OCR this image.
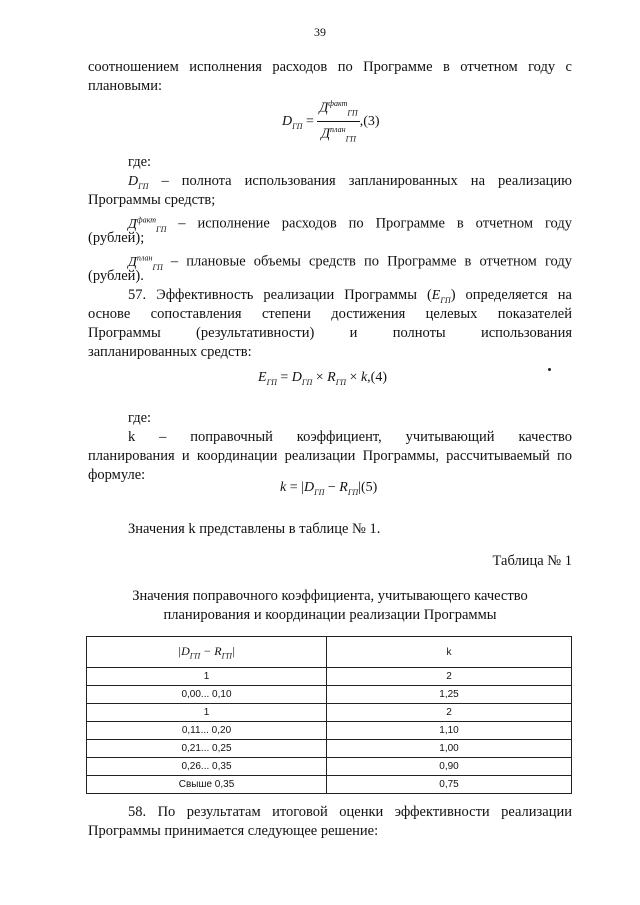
39
соотношением исполнения расходов по Программе в отчетном году с
плановыми:
$D_{ГП} = \frac{Д^{факт}_{ГП}}{Д^{план}_{ГП}} ,(3)$
где:
$D_{ГП}$ – полнота использования запланированных на реализацию
Программы средств;
$Д^{факт}_{ГП}$ – исполнение расходов по Программе в отчетном году
(рублей);
$Д^{план}_{ГП}$ – плановые объемы средств по Программе в отчетном году
(рублей).
57. Эффективность реализации Программы $(E_{ГП})$ определяется на
основе сопоставления степени достижения целевых показателей
Программы (результативности) и полноты использования
запланированных средств:
$E_{ГП} = D_{ГП} \times R_{ГП} \times k,(4)$
где:
k – поправочный коэффициент, учитывающий качество
планирования и координации реализации Программы, рассчитываемый по
формуле:
$k = |D_{ГП} - R_{ГП}|(5)$
Значения k представлены в таблице № 1.
Таблица № 1
Значения поправочного коэффициента, учитывающего качество
планирования и координации реализации Программы
$|D_{ГП} - R_{ГП}|$	k
1	2
0,00... 0,10	1,25
1	2
0,11... 0,20	1,10
0,21... 0,25	1,00
0,26... 0,35	0,90
Свыше 0,35	0,75
58. По результатам итоговой оценки эффективности реализации
Программы принимается следующее решение:
